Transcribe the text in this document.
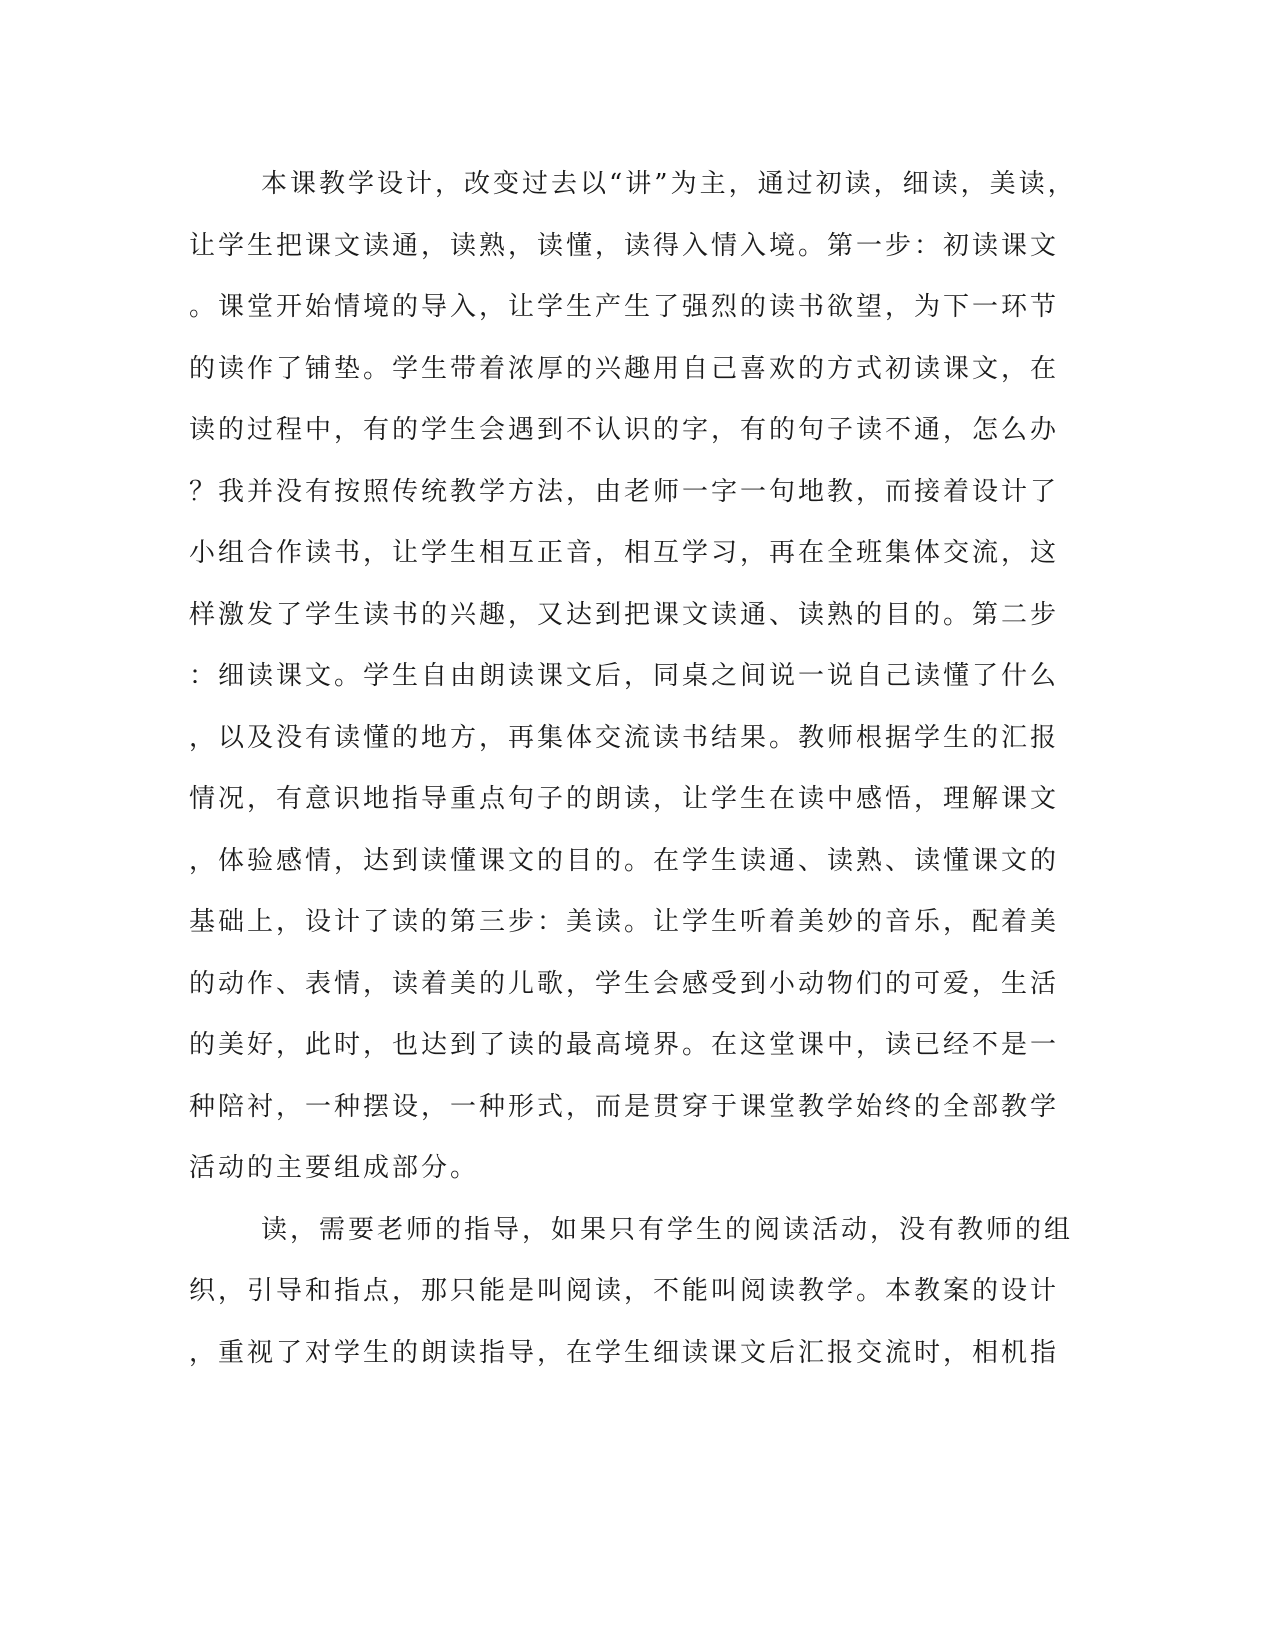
本课教学设计，改变过去以“讲”为主，通过初读，细读，美读，
让学生把课文读通，读熟，读懂，读得入情入境。第一步：初读课文
。课堂开始情境的导入，让学生产生了强烈的读书欲望，为下一环节
的读作了铺垫。学生带着浓厚的兴趣用自己喜欢的方式初读课文，在
读的过程中，有的学生会遇到不认识的字，有的句子读不通，怎么办
？我并没有按照传统教学方法，由老师一字一句地教，而接着设计了
小组合作读书，让学生相互正音，相互学习，再在全班集体交流，这
样激发了学生读书的兴趣，又达到把课文读通、读熟的目的。第二步
：细读课文。学生自由朗读课文后，同桌之间说一说自己读懂了什么
，以及没有读懂的地方，再集体交流读书结果。教师根据学生的汇报
情况，有意识地指导重点句子的朗读，让学生在读中感悟，理解课文
，体验感情，达到读懂课文的目的。在学生读通、读熟、读懂课文的
基础上，设计了读的第三步：美读。让学生听着美妙的音乐，配着美
的动作、表情，读着美的儿歌，学生会感受到小动物们的可爱，生活
的美好，此时，也达到了读的最高境界。在这堂课中，读已经不是一
种陪衬，一种摆设，一种形式，而是贯穿于课堂教学始终的全部教学
活动的主要组成部分。
读，需要老师的指导，如果只有学生的阅读活动，没有教师的组
织，引导和指点，那只能是叫阅读，不能叫阅读教学。本教案的设计
，重视了对学生的朗读指导，在学生细读课文后汇报交流时，相机指
